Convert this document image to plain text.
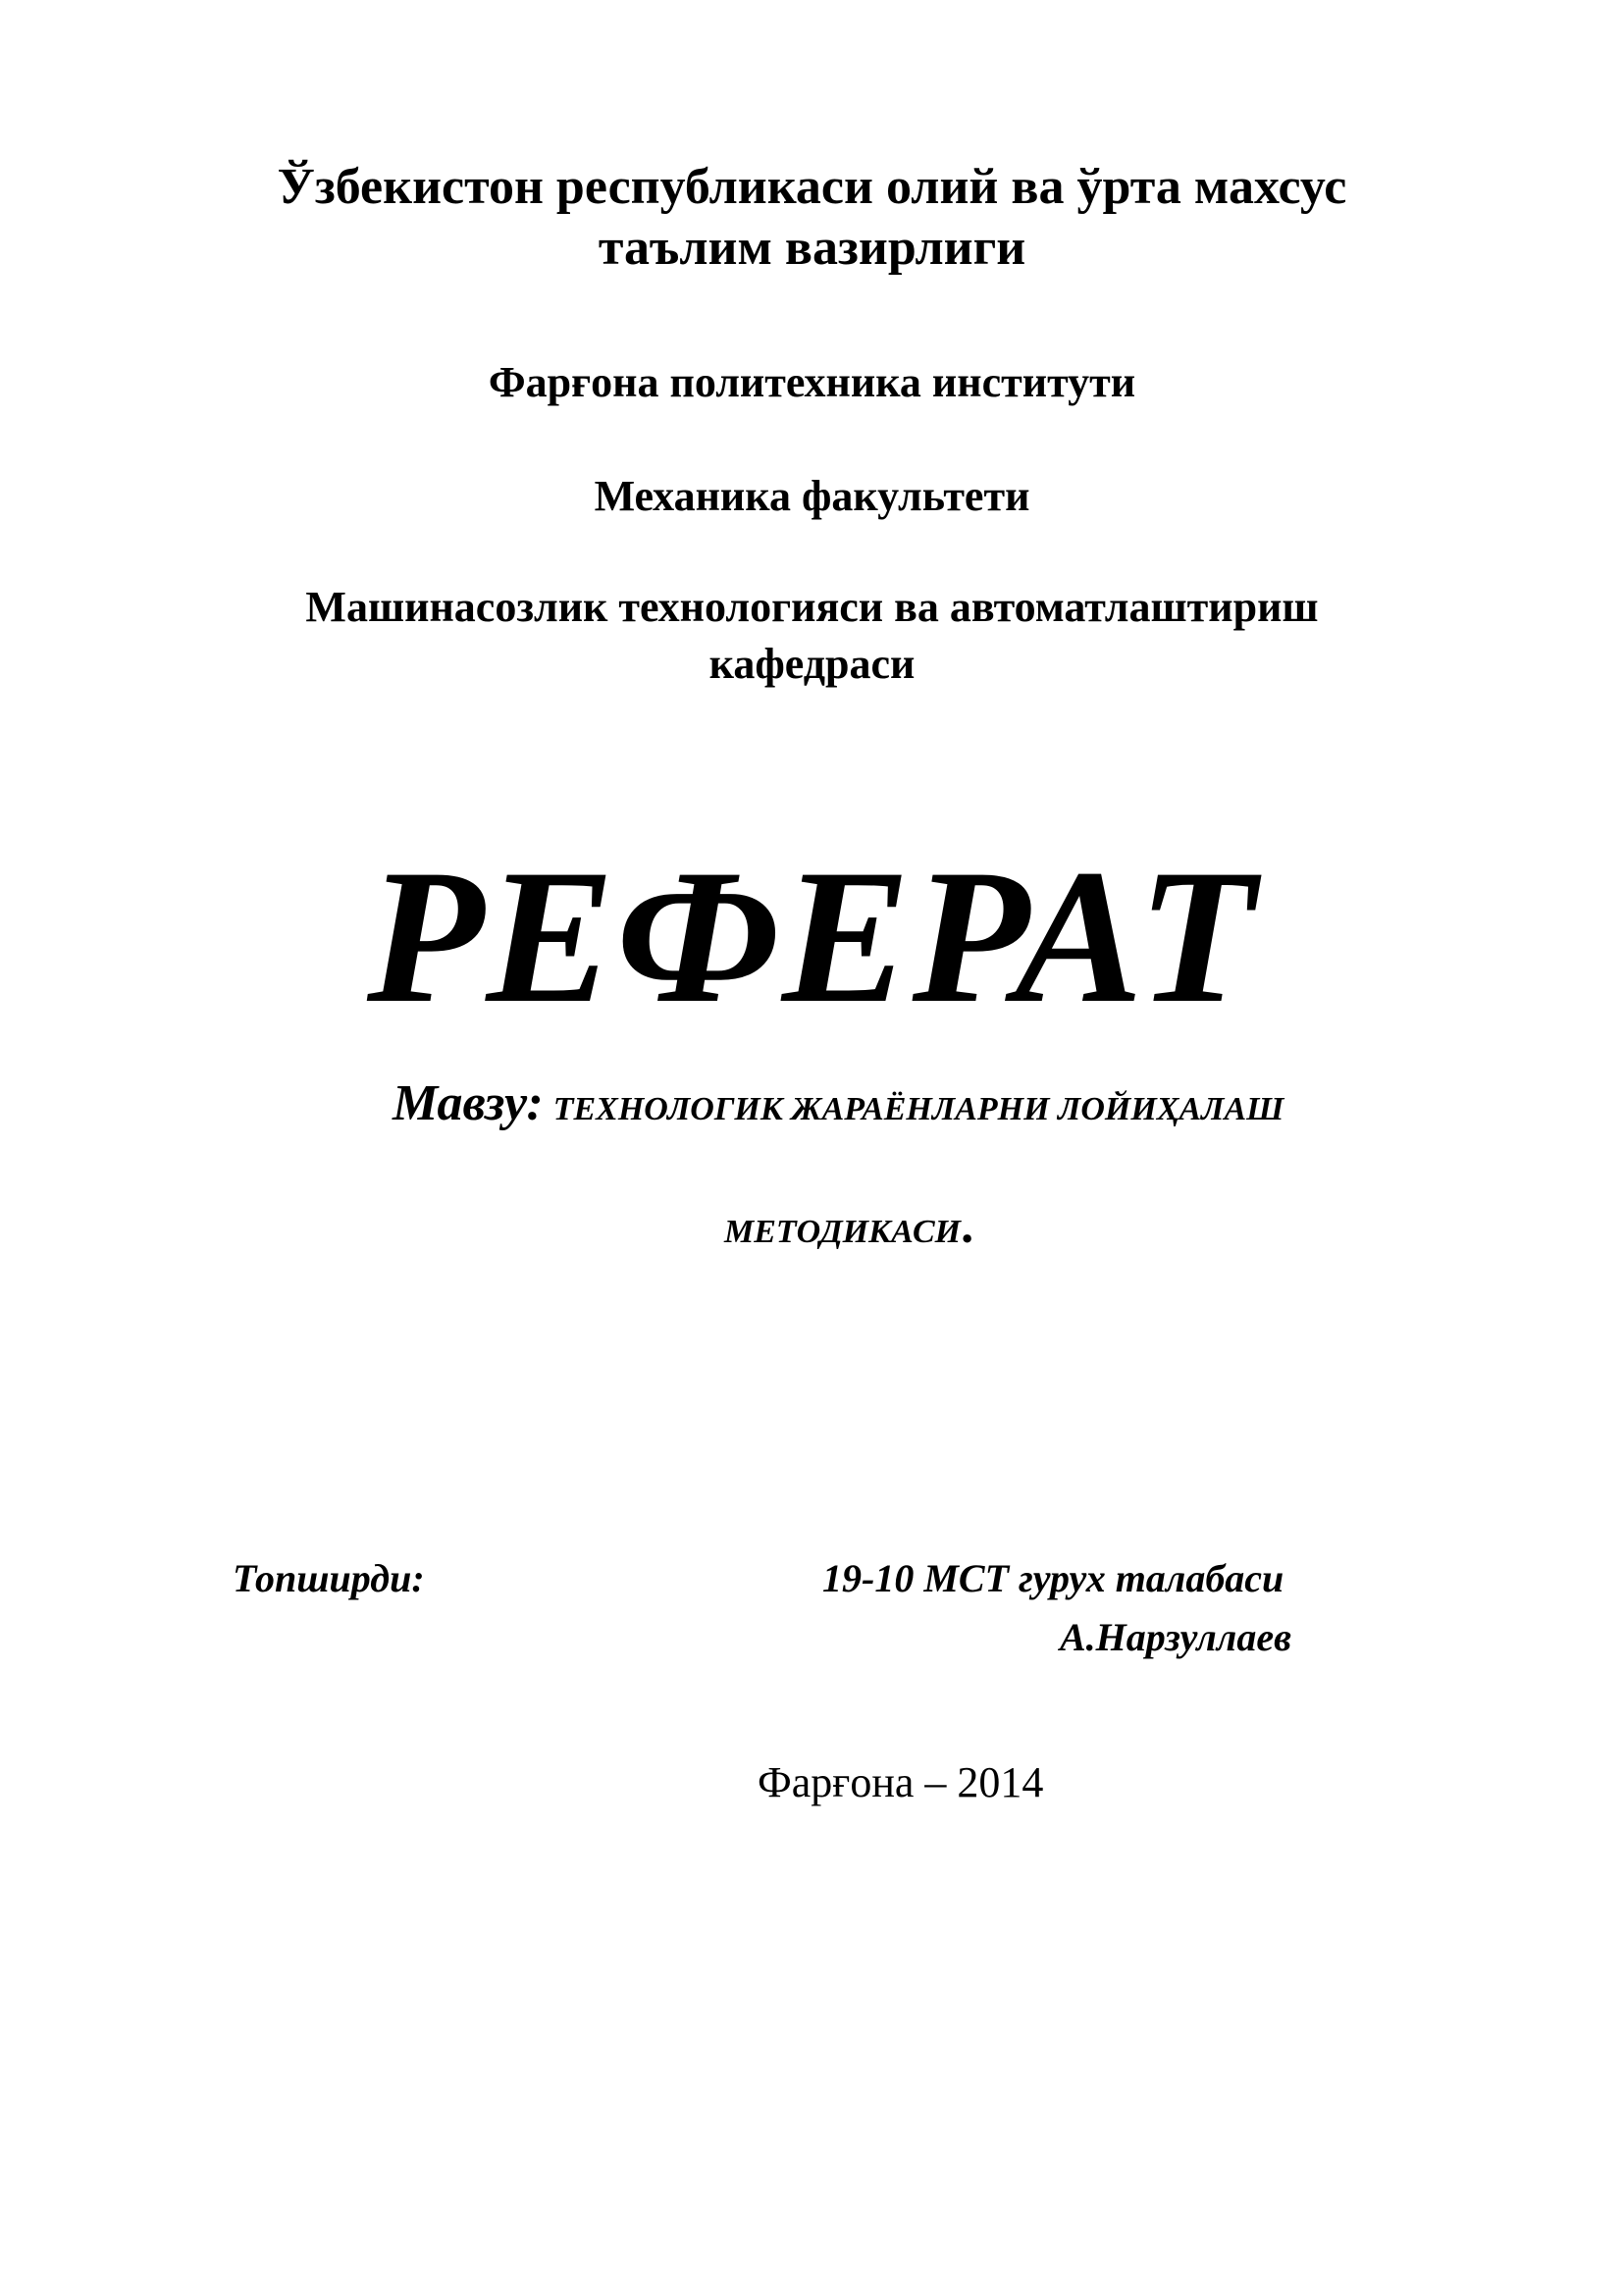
Ўзбекистон республикаси олий ва ўрта махсус
таълим вазирлиги
Фарғона политехника институти
Механика факультети
Машинасозлик технологияси ва автоматлаштириш
кафедраси
РЕФЕРАТ
Мавзу: ТЕХНОЛОГИК ЖАРАЁНЛАРНИ ЛОЙИҲАЛАШ
МЕТОДИКАСИ.
Топширди:	19-10 МСТ гурух талабаси
А.Нарзуллаев
Фарғона – 2014
